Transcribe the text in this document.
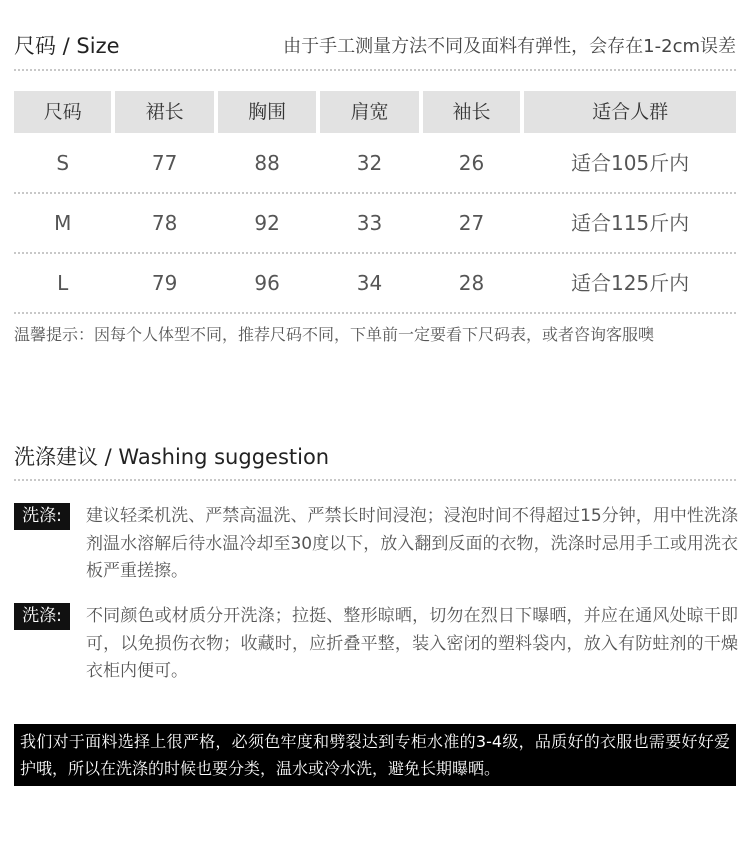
尺码 / Size	由于手工测量方法不同及面料有弹性，会存在1-2cm误差
尺码	裙长	胸围	肩宽	袖长	适合人群
S	77	88	32	26	适合105斤内
M	78	92	33	27	适合115斤内
L	79	96	34	28	适合125斤内
温馨提示：因每个人体型不同，推荐尺码不同，下单前一定要看下尺码表，或者咨询客服噢
洗涤建议 / Washing suggestion
洗涤:	建议轻柔机洗、严禁高温洗、严禁长时间浸泡；浸泡时间不得超过15分钟，用中性洗涤剂温水溶解后待水温冷却至30度以下，放入翻到反面的衣物，洗涤时忌用手工或用洗衣板严重搓擦。
洗涤:	不同颜色或材质分开洗涤；拉挺、整形晾晒，切勿在烈日下曝晒，并应在通风处晾干即可，以免损伤衣物；收藏时，应折叠平整，装入密闭的塑料袋内，放入有防蛀剂的干燥衣柜内便可。
我们对于面料选择上很严格，必须色牢度和劈裂达到专柜水准的3-4级，品质好的衣服也需要好好爱护哦，所以在洗涤的时候也要分类，温水或冷水洗，避免长期曝晒。
